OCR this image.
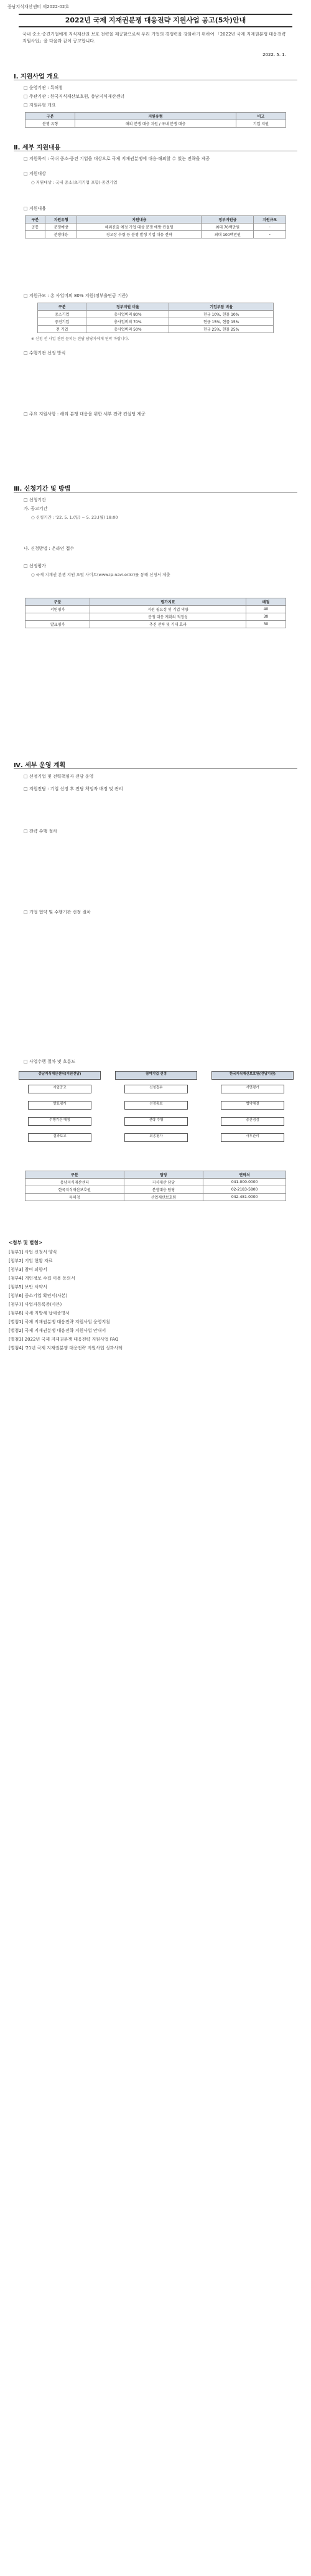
중남지식재산센터 제2022-02호
2022년 국제 지재권분쟁 대응전략 지원사업 공고(5차)안내
국내 중소·중견기업에게 지식재산권 보호 전략을 제공함으로써 우리 기업의 경쟁력을 강화하기 위하여 「2022년 국제 지재권분쟁 대응전략 지원사업」을 다음과 같이 공고합니다.
2022. 5. 1.
Ⅰ. 지원사업 개요
□ 운영기관 : 특허청
□ 주관기관 : 한국지식재산보호원, 충남지식재산센터
□ 지원유형 개요
구분	지원유형	비고
분쟁 유형	해외 분쟁 대응 지원 / 국내 분쟁 대응	기업 지원
Ⅱ. 세부 지원내용
□ 지원목적 : 국내 중소·중견 기업을 대상으로 국제 지재권분쟁에 대응·해외할 수 있는 전략을 제공
□ 지원대상
○ 지원대상 : 국내 중소(초기기업 포함)·중견기업
□ 지원내용
구분	지원유형	지원내용	정부지원금	지원규모
공통	분쟁예방	해외진출 예정 기업 대상 분쟁 예방 컨설팅	최대 70백만원	-
	분쟁대응	경고장 수령 등 분쟁 발생 기업 대응 전략	최대 100백만원	-
□ 지원규모 : 총 사업비의 80% 지원(정부출연금 기준)
구분	정부지원 비율	기업부담 비율
중소기업	총사업비의 80%	현금 10%, 현물 10%
중견기업	총사업비의 70%	현금 15%, 현물 15%
전 기업	총사업비의 50%	현금 25%, 현물 25%
※ 신청 전 사업 관련 문의는 전담 담당자에게 연락 바랍니다.
□ 수행기관 선정 방식
□ 주요 지원사항 : 해외 분쟁 대응을 위한 세부 전략 컨설팅 제공
Ⅲ. 신청기간 및 방법
□ 신청기간
가. 공고기간
○ 신청기간 : '22. 5. 1.(일) ~ 5. 23.(월) 18:00
나. 신청방법 : 온라인 접수
□ 선정평가
○ 국제 지재권 분쟁 지원 포털 사이트(www.ip-navi.or.kr)를 통해 신청서 제출
구분	평가지표	배점
서면평가	지원 필요성 및 기업 역량	40
	분쟁 대응 계획의 적정성	30
발표평가	추진 전략 및 기대 효과	30
Ⅳ. 세부 운영 계획
□ 선정기업 및 전략책임자 전담 운영
□ 지원전담 : 기업 선정 후 전담 책임자 배정 및 관리
□ 전략 수행 절차
□ 기업 협약 및 수행기관 선정 절차
□ 사업수행 절차 및 흐름도
중남지식재산센터(지원전담)	참여기업 선정	한국지식재산보호원(전담기관)
사업공고	신청접수	서면평가
발표평가	선정통보	협약체결
수행기관 매칭	전략 수행	중간점검
결과보고	최종평가	사후관리
구분	담당	연락처
충남지식재산센터	지식재산 담당	041-000-0000
한국지식재산보호원	분쟁대응 담당	02-2183-5800
특허청	산업재산보호팀	042-481-0000
<첨부 및 별첨>
[첨부1] 사업 신청서 양식
[첨부2] 기업 현황 자료
[첨부3] 참여 의향서
[첨부4] 개인정보 수집·이용 동의서
[첨부5] 보안 서약서
[첨부6] 중소기업 확인서(사본)
[첨부7] 사업자등록증(사본)
[첨부8] 국세·지방세 납세증명서
[별첨1] 국제 지재권분쟁 대응전략 지원사업 운영지침
[별첨2] 국제 지재권분쟁 대응전략 지원사업 안내서
[별첨3] 2022년 국제 지재권분쟁 대응전략 지원사업 FAQ
[별첨4] '21년 국제 지재권분쟁 대응전략 지원사업 성과사례
